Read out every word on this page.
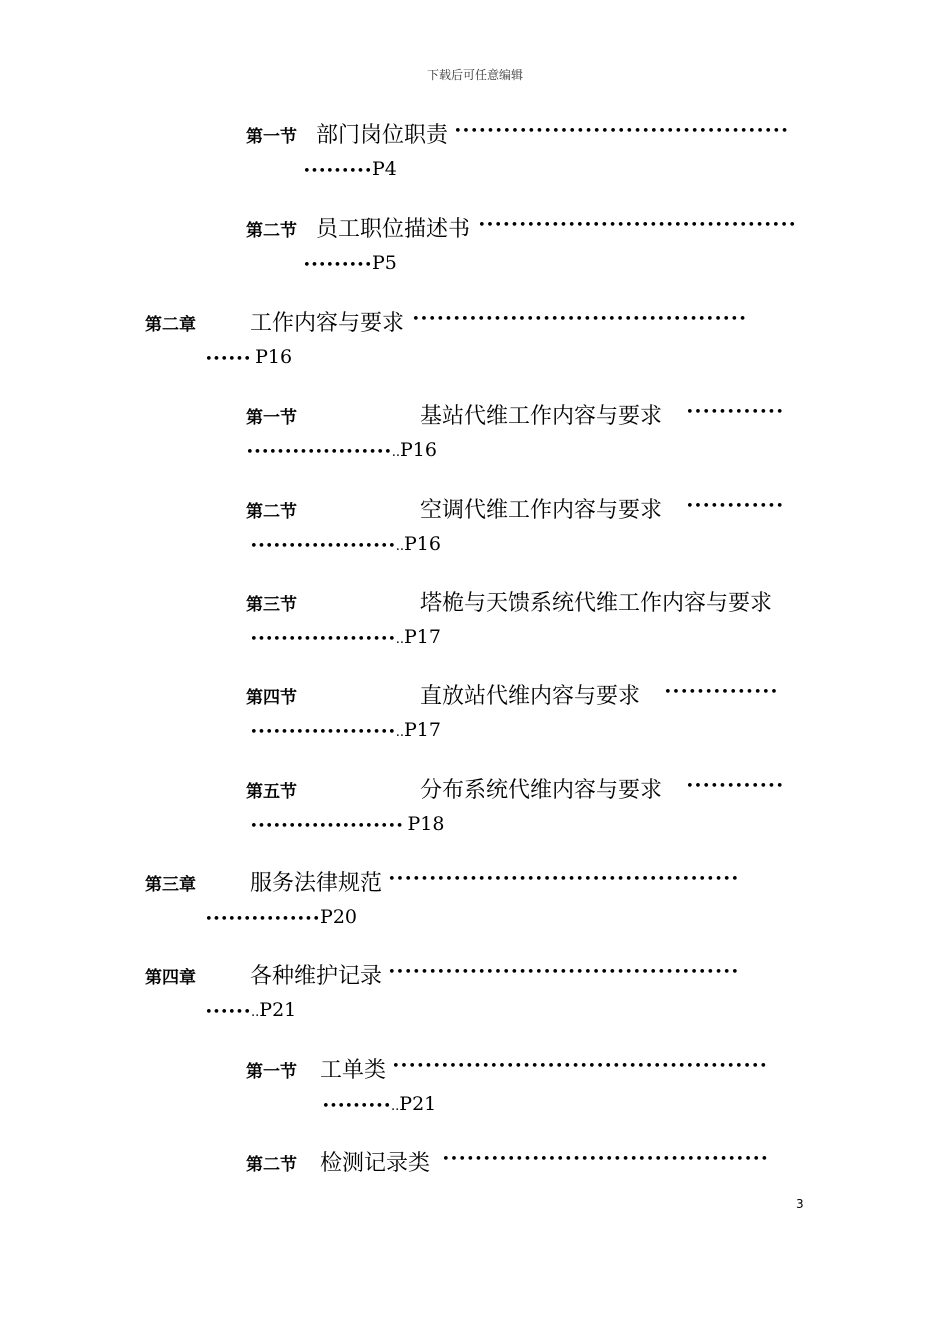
下载后可任意编辑
第一节 部门岗位职责 •••••••••••••••••••••••••••••••••••••••••
•••••••••P4
第二节 员工职位描述书 •••••••••••••••••••••••••••••••••••••••
•••••••••P5
第二章 工作内容与要求 •••••••••••••••••••••••••••••••••••••••••
•••••• P16
第一节	基站代维工作内容与要求 ••••••••••••
•••••••••••••••••••..P16
第二节	空调代维工作内容与要求 ••••••••••••
•••••••••••••••••••..P16
第三节	塔桅与天馈系统代维工作内容与要求
•••••••••••••••••••..P17
第四节	直放站代维内容与要求 ••••••••••••••
•••••••••••••••••••..P17
第五节	分布系统代维内容与要求 ••••••••••••
•••••••••••••••••••• P18
第三章 服务法律规范 •••••••••••••••••••••••••••••••••••••••••••
•••••••••••••••P20
第四章 各种维护记录 •••••••••••••••••••••••••••••••••••••••••••
••••••..P21
第一节 工单类 ••••••••••••••••••••••••••••••••••••••••••••••
•••••••••..P21
第二节 检测记录类 ••••••••••••••••••••••••••••••••••••••••
3
